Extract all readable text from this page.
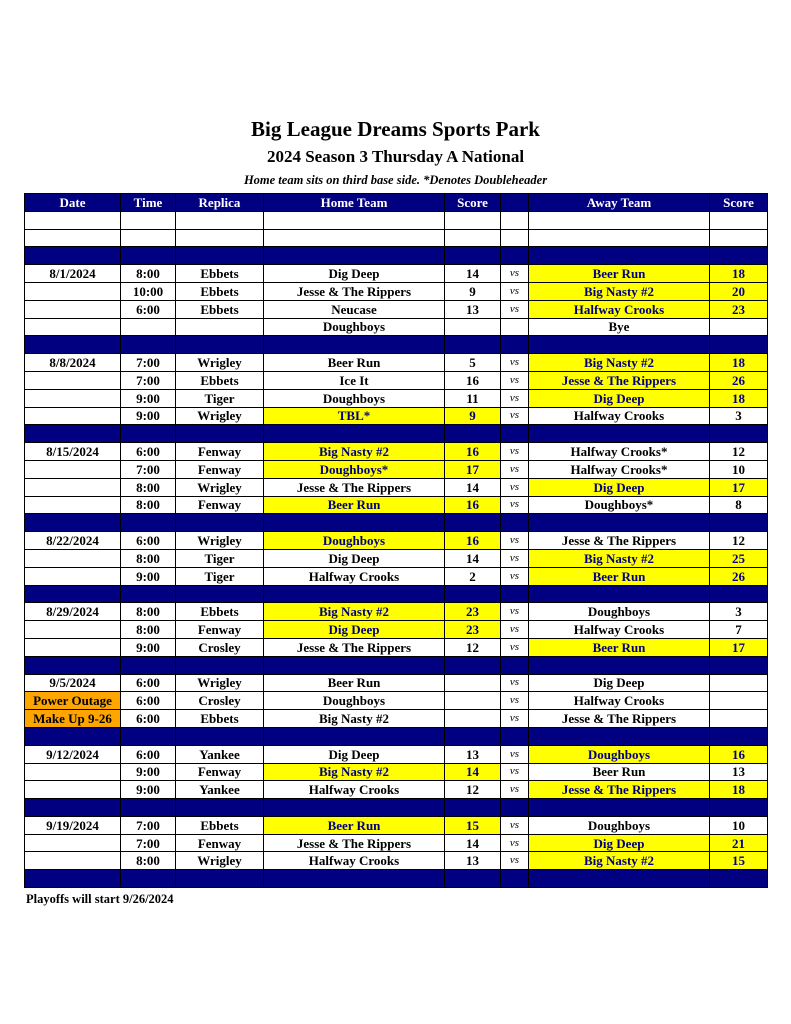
Big League Dreams Sports Park
2024 Season 3 Thursday A National
Home team sits on third base side. *Denotes Doubleheader
Date	Time	Replica	Home Team	Score		Away Team	Score

8/1/2024	8:00	Ebbets	Dig Deep	14	vs	Beer Run	18
	10:00	Ebbets	Jesse & The Rippers	9	vs	Big Nasty #2	20
	6:00	Ebbets	Neucase	13	vs	Halfway Crooks	23
			Doughboys			Bye	

8/8/2024	7:00	Wrigley	Beer Run	5	vs	Big Nasty #2	18
	7:00	Ebbets	Ice It	16	vs	Jesse & The Rippers	26
	9:00	Tiger	Doughboys	11	vs	Dig Deep	18
	9:00	Wrigley	TBL*	9	vs	Halfway Crooks	3

8/15/2024	6:00	Fenway	Big Nasty #2	16	vs	Halfway Crooks*	12
	7:00	Fenway	Doughboys*	17	vs	Halfway Crooks*	10
	8:00	Wrigley	Jesse & The Rippers	14	vs	Dig Deep	17
	8:00	Fenway	Beer Run	16	vs	Doughboys*	8

8/22/2024	6:00	Wrigley	Doughboys	16	vs	Jesse & The Rippers	12
	8:00	Tiger	Dig Deep	14	vs	Big Nasty #2	25
	9:00	Tiger	Halfway Crooks	2	vs	Beer Run	26

8/29/2024	8:00	Ebbets	Big Nasty #2	23	vs	Doughboys	3
	8:00	Fenway	Dig Deep	23	vs	Halfway Crooks	7
	9:00	Crosley	Jesse & The Rippers	12	vs	Beer Run	17

9/5/2024	6:00	Wrigley	Beer Run		vs	Dig Deep	
Power Outage	6:00	Crosley	Doughboys		vs	Halfway Crooks	
Make Up 9-26	6:00	Ebbets	Big Nasty #2		vs	Jesse & The Rippers	

9/12/2024	6:00	Yankee	Dig Deep	13	vs	Doughboys	16
	9:00	Fenway	Big Nasty #2	14	vs	Beer Run	13
	9:00	Yankee	Halfway Crooks	12	vs	Jesse & The Rippers	18

9/19/2024	7:00	Ebbets	Beer Run	15	vs	Doughboys	10
	7:00	Fenway	Jesse & The Rippers	14	vs	Dig Deep	21
	8:00	Wrigley	Halfway Crooks	13	vs	Big Nasty #2	15

Playoffs will start 9/26/2024
